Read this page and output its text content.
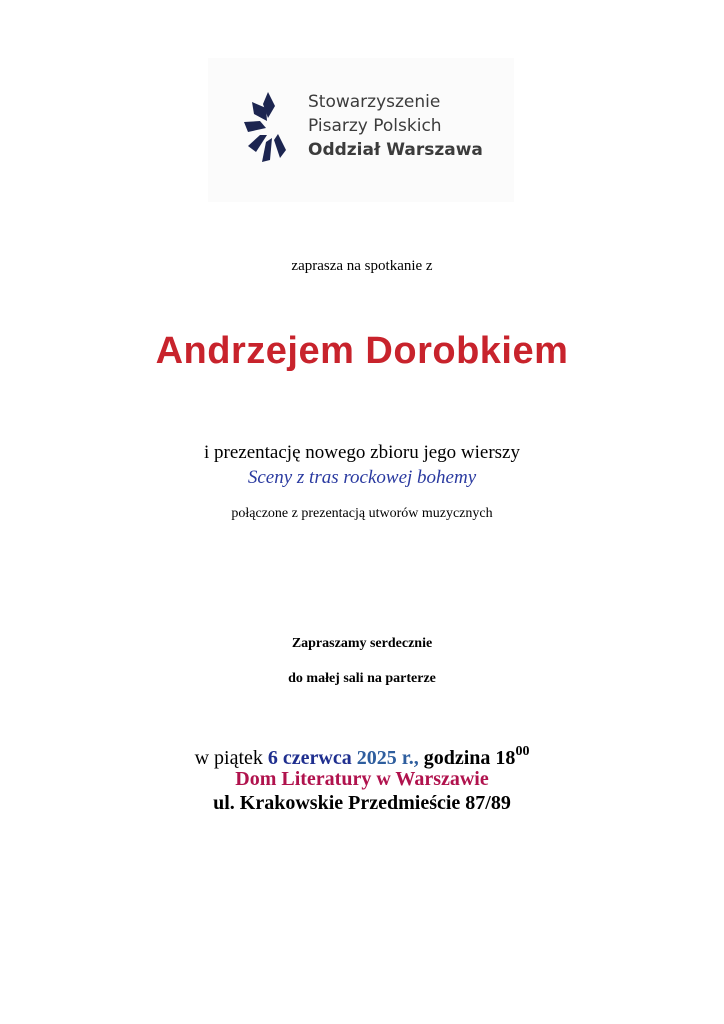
Stowarzyszenie
Pisarzy Polskich
Oddział Warszawa
zaprasza na spotkanie z
Andrzejem Dorobkiem
i prezentację nowego zbioru jego wierszy
Sceny z tras rockowej bohemy
połączone z prezentacją utworów muzycznych
Zapraszamy serdecznie
do małej sali na parterze
w piątek 6 czerwca 2025 r., godzina $18^{00}$
Dom Literatury w Warszawie
ul. Krakowskie Przedmieście 87/89
